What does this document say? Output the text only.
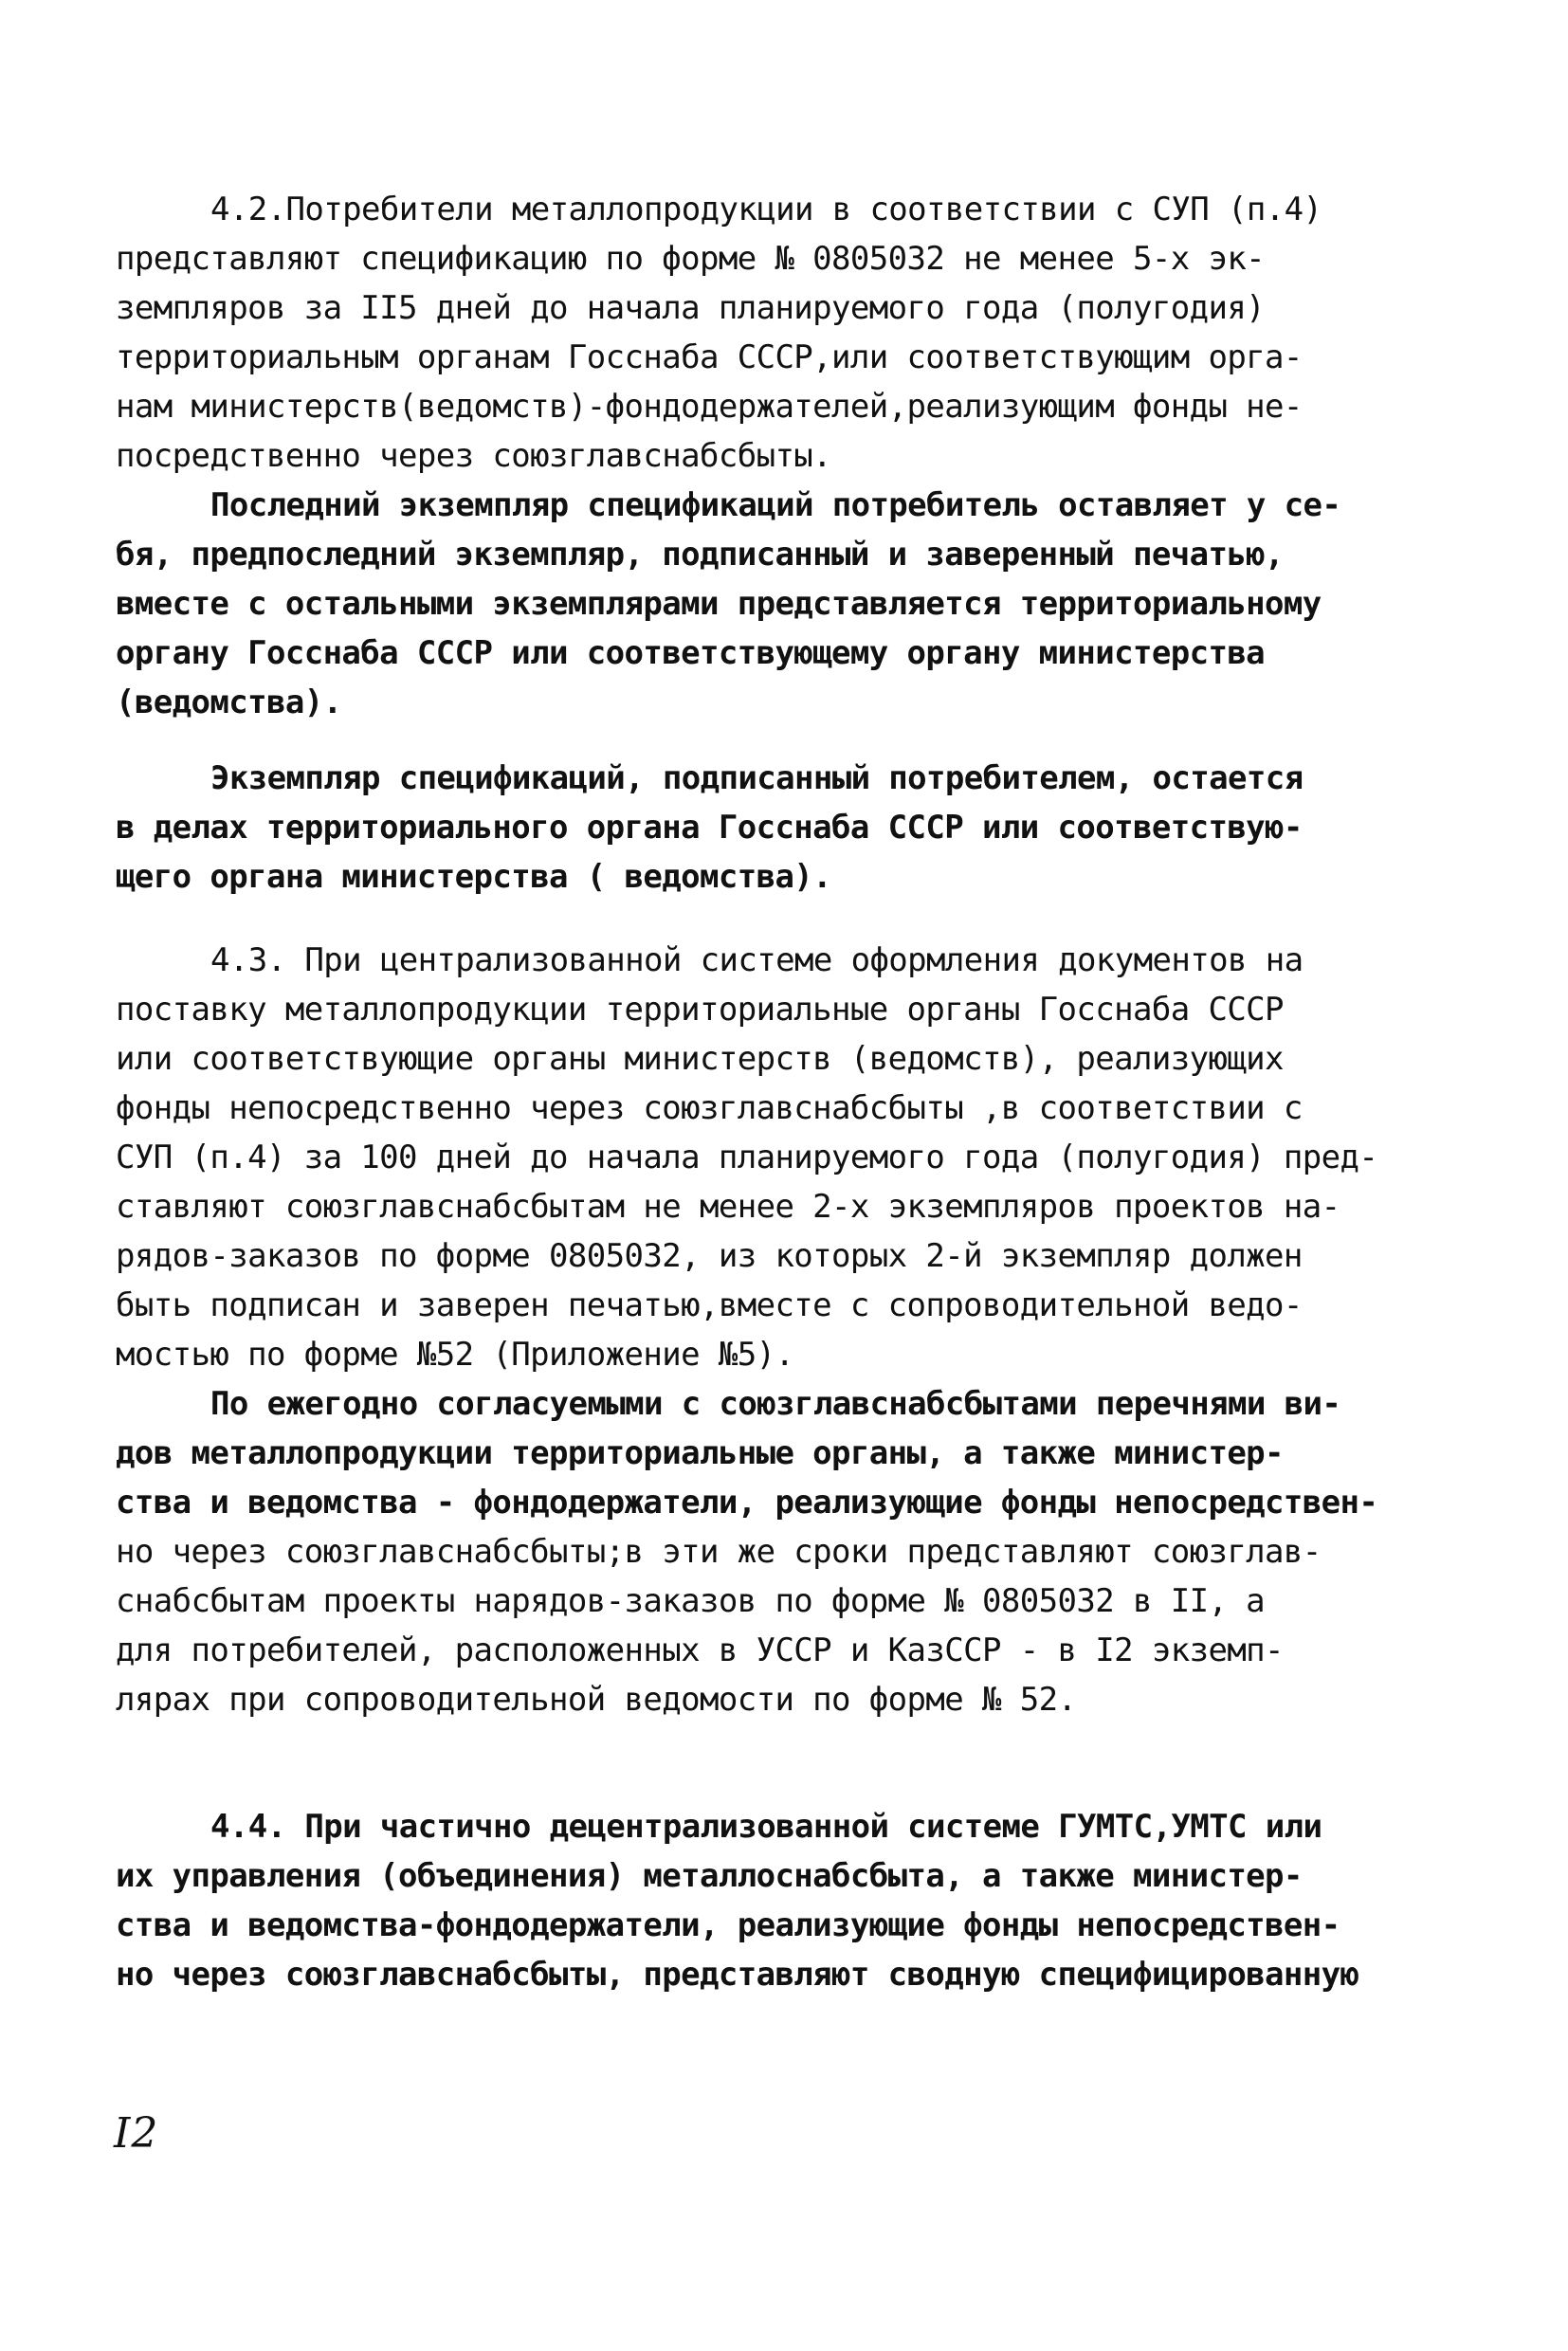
4.2.Потребители металлопродукции в соответствии с СУП (п.4)
представляют спецификацию по форме № 0805032 не менее 5-х эк-
земпляров за II5 дней до начала планируемого года (полугодия)
территориальным органам Госснаба СССР,или соответствующим орга-
нам министерств(ведомств)-фондодержателей,реализующим фонды не-
посредственно через союзглавснабсбыты.
Последний экземпляр спецификаций потребитель оставляет у се-
бя, предпоследний экземпляр, подписанный и заверенный печатью,
вместе с остальными экземплярами представляется территориальному
органу Госснаба СССР или соответствующему органу министерства
(ведомства).
Экземпляр спецификаций, подписанный потребителем, остается
в делах территориального органа Госснаба СССР или соответствую-
щего органа министерства ( ведомства).
4.3. При централизованной системе оформления документов на
поставку металлопродукции территориальные органы Госснаба СССР
или соответствующие органы министерств (ведомств), реализующих
фонды непосредственно через союзглавснабсбыты ,в соответствии с
СУП (п.4) за 100 дней до начала планируемого года (полугодия) пред-
ставляют союзглавснабсбытам не менее 2-х экземпляров проектов на-
рядов-заказов по форме 0805032, из которых 2-й экземпляр должен
быть подписан и заверен печатью,вместе с сопроводительной ведо-
мостью по форме №52 (Приложение №5).
По ежегодно согласуемыми с союзглавснабсбытами перечнями ви-
дов металлопродукции территориальные органы, а также министер-
ства и ведомства - фондодержатели, реализующие фонды непосредствен-
но через союзглавснабсбыты;в эти же сроки представляют союзглав-
снабсбытам проекты нарядов-заказов по форме № 0805032 в II, а
для потребителей, расположенных в УССР и КазССР - в I2 экземп-
лярах при сопроводительной ведомости по форме № 52.
4.4. При частично децентрализованной системе ГУМТС,УМТС или
их управления (объединения) металлоснабсбыта, а также министер-
ства и ведомства-фондодержатели, реализующие фонды непосредствен-
но через союзглавснабсбыты, представляют сводную специфицированную
I2
